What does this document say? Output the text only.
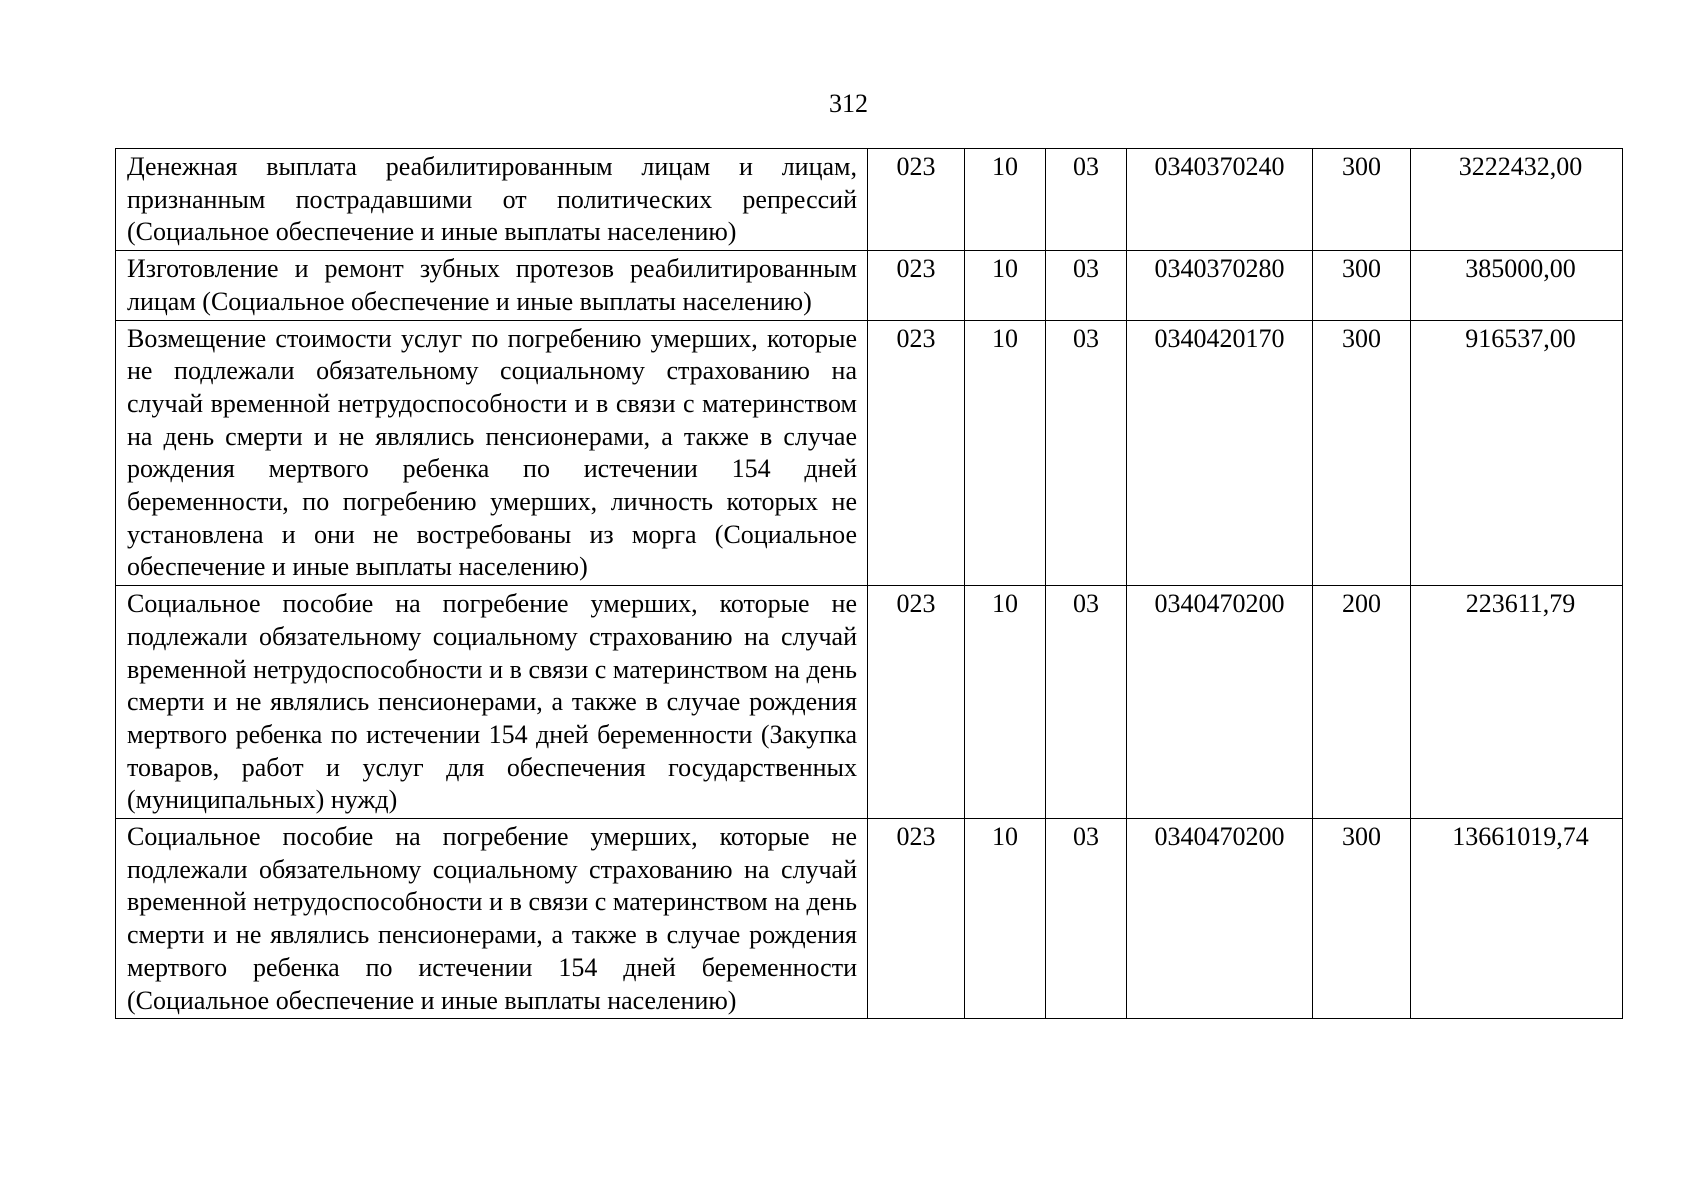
312
Денежная выплата реабилитированным лицам и лицам, признанным пострадавшими от политических репрессий (Социальное обеспечение и иные выплаты населению)	023	10	03	0340370240	300	3222432,00
Изготовление и ремонт зубных протезов реабилитированным лицам (Социальное обеспечение и иные выплаты населению)	023	10	03	0340370280	300	385000,00
Возмещение стоимости услуг по погребению умерших, которые не подлежали обязательному социальному страхованию на случай временной нетрудоспособности и в связи с материнством на день смерти и не являлись пенсионерами, а также в случае рождения мертвого ребенка по истечении 154 дней беременности, по погребению умерших, личность которых не установлена и они не востребованы из морга (Социальное обеспечение и иные выплаты населению)	023	10	03	0340420170	300	916537,00
Социальное пособие на погребение умерших, которые не подлежали обязательному социальному страхованию на случай временной нетрудоспособности и в связи с материнством на день смерти и не являлись пенсионерами, а также в случае рождения мертвого ребенка по истечении 154 дней беременности (Закупка товаров, работ и услуг для обеспечения государственных (муниципальных) нужд)	023	10	03	0340470200	200	223611,79
Социальное пособие на погребение умерших, которые не подлежали обязательному социальному страхованию на случай временной нетрудоспособности и в связи с материнством на день смерти и не являлись пенсионерами, а также в случае рождения мертвого ребенка по истечении 154 дней беременности (Социальное обеспечение и иные выплаты населению)	023	10	03	0340470200	300	13661019,74
